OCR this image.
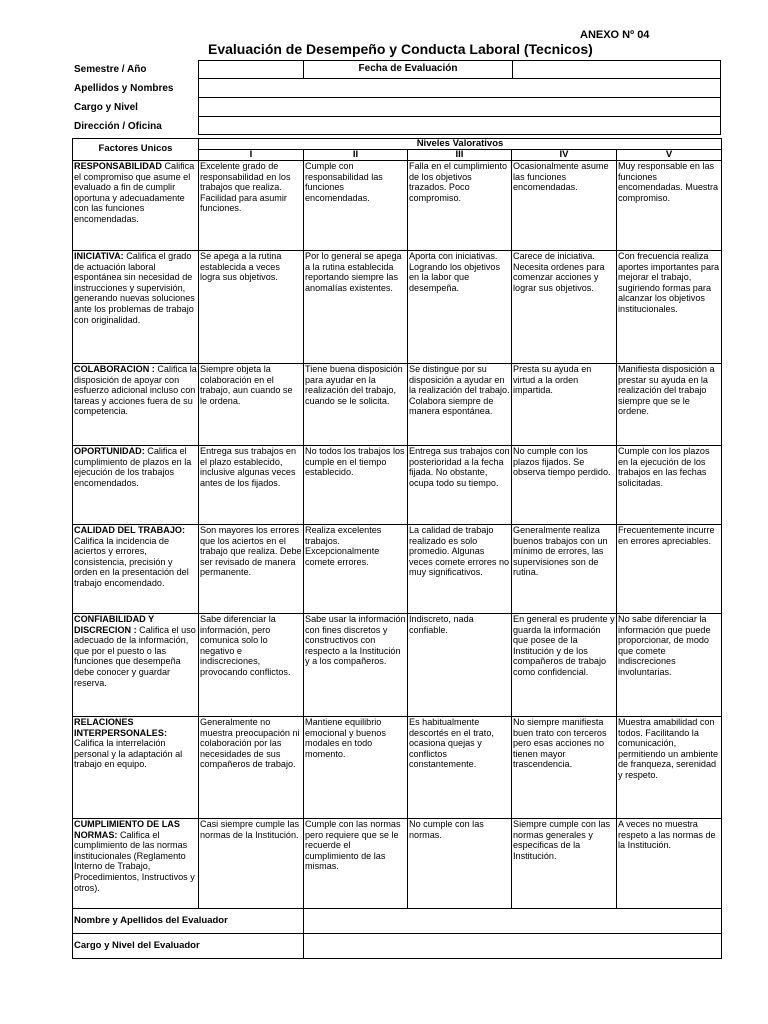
ANEXO Nº 04
Evaluación de Desempeño y Conducta Laboral (Tecnicos)
Semestre / Año	Fecha de Evaluación
Apellidos y Nombres
Cargo y Nivel
Dirección / Oficina
Factores Unicos	Niveles Valorativos				
	I	II	III	IV	V
RESPONSABILIDAD Califica el compromiso que asume el evaluado a fin de cumplir oportuna y adecuadamente con las funciones encomendadas.	Excelente grado de responsabilidad en los trabajos que realiza. Facilidad para asumir funciones.	Cumple con responsabilidad las funciones encomendadas.	Falla en el cumplimiento de los objetivos trazados. Poco compromiso.	Ocasionalmente asume las funciones encomendadas.	Muy responsable en las funciones encomendadas. Muestra compromiso.
INICIATIVA: Califica el grado de actuación laboral espontánea sin necesidad de instrucciones y supervisión, generando nuevas soluciones ante los problemas de trabajo con originalidad.	Se apega a la rutina establecida a veces logra sus objetivos.	Por lo general se apega a la rutina establecida reportando siempre las anomalías existentes.	Aporta con iniciativas. Logrando los objetivos en la labor que desempeña.	Carece de iniciativa. Necesita ordenes para comenzar acciones y lograr sus objetivos.	Con frecuencia realiza aportes importantes para mejorar el trabajo, sugiriendo formas para alcanzar los objetivos institucionales.
COLABORACION : Califica la disposición de apoyar con esfuerzo adicional incluso con tareas y acciones fuera de su competencia.	Siempre objeta la colaboración en el trabajo, aun cuando se le ordena.	Tiene buena disposición para ayudar en la realización del trabajo, cuando se le solicita.	Se distingue por su disposición a ayudar en la realización del trabajo. Colabora siempre de manera espontánea.	Presta su ayuda en virtud a la orden impartida.	Manifiesta disposición a prestar su ayuda en la realización del trabajo siempre que se le ordene.
OPORTUNIDAD: Califica el cumplimiento de plazos en la ejecución de los trabajos encomendados.	Entrega sus trabajos en el plazo establecido, inclusive algunas veces antes de los fijados.	No todos los trabajos los cumple en el tiempo establecido.	Entrega sus trabajos con posterioridad a la fecha fijada. No obstante, ocupa todo su tiempo.	No cumple con los plazos fijados. Se observa tiempo perdido.	Cumple con los plazos en la ejecución de los trabajos en las fechas solicitadas.
CALIDAD DEL TRABAJO: Califica la incidencia de aciertos y errores, consistencia, precisión y orden en la presentación del trabajo encomendado.	Son mayores los errores que los aciertos en el trabajo que realiza. Debe ser revisado de manera permanente.	Realiza excelentes trabajos. Excepcionalmente comete errores.	La calidad de trabajo realizado es solo promedio. Algunas veces comete errores no muy significativos.	Generalmente realiza buenos trabajos con un mínimo de errores, las supervisiones son de rutina.	Frecuentemente incurre en errores apreciables.
CONFIABILIDAD Y DISCRECION : Califica el uso adecuado de la información, que por el puesto o las funciones que desempeña debe conocer y guardar reserva.	Sabe diferenciar la información, pero comunica solo lo negativo e indiscreciones, provocando conflictos.	Sabe usar la información con fines discretos y constructivos con respecto a la Institución y a los compañeros.	Indiscreto, nada confiable.	En general es prudente y guarda la información que posee de la Institución y de los compañeros de trabajo como confidencial.	No sabe diferenciar la información que puede proporcionar, de modo que comete indiscreciones involuntarias.
RELACIONES INTERPERSONALES: Califica la interrelación personal y la adaptación al trabajo en equipo.	Generalmente no muestra preocupación ni colaboración por las necesidades de sus compañeros de trabajo.	Mantiene equilibrio emocional y buenos modales en todo momento.	Es habitualmente descortés en el trato, ocasiona quejas y conflictos constantemente.	No siempre manifiesta buen trato con terceros pero esas acciones no tienen mayor trascendencia.	Muestra amabilidad con todos. Facilitando la comunicación, permitiendo un ambiente de franqueza, serenidad y respeto.
CUMPLIMIENTO DE LAS NORMAS: Califica el cumplimiento de las normas institucionales (Reglamento Interno de Trabajo, Procedimientos, Instructivos y otros).	Casi siempre cumple las normas de la Institución.	Cumple con las normas pero requiere que se le recuerde el cumplimiento de las mismas.	No cumple con las normas.	Siempre cumple con las normas generales y especificas de la Institución.	A veces no muestra respeto a las normas de la Institución.
Nombre y Apellidos del Evaluador					
Cargo y Nivel del Evaluador					
